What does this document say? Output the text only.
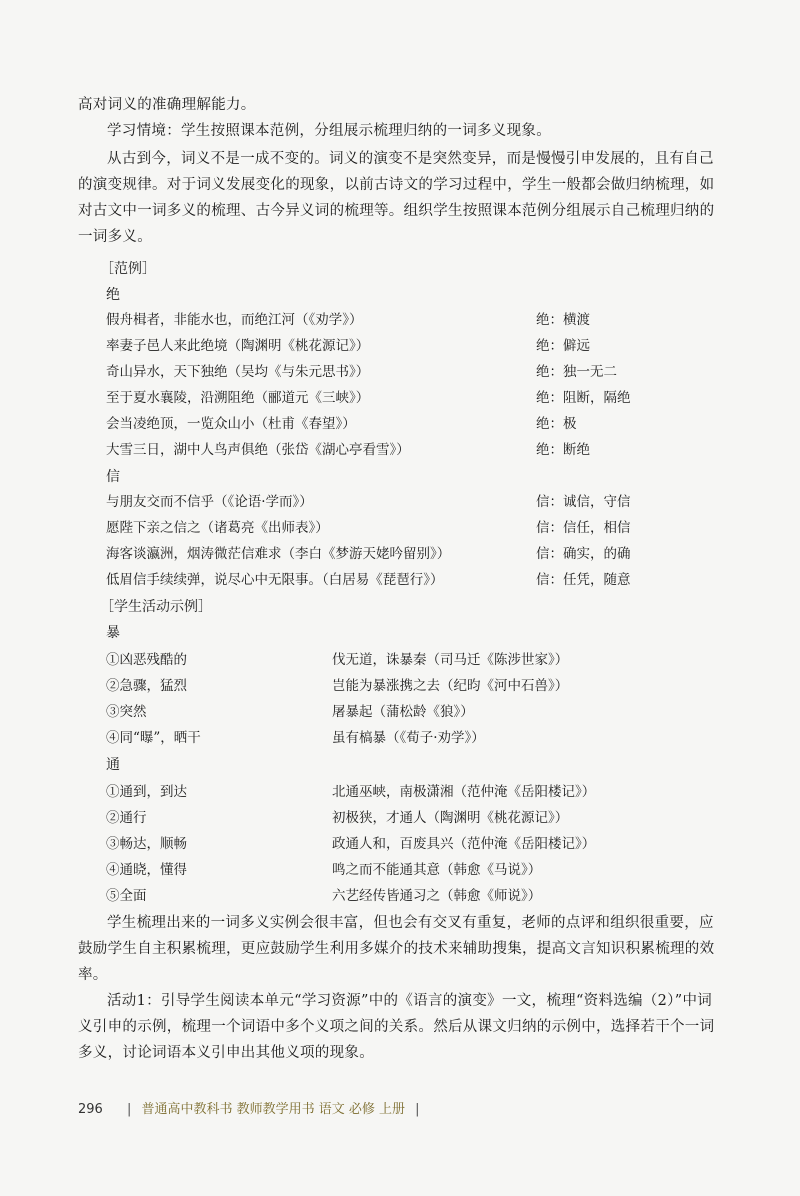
高对词义的准确理解能力。

学习情境：学生按照课本范例，分组展示梳理归纳的一词多义现象。

从古到今，词义不是一成不变的。词义的演变不是突然变异，而是慢慢引申发展的，且有自己的演变规律。对于词义发展变化的现象，以前古诗文的学习过程中，学生一般都会做归纳梳理，如对古文中一词多义的梳理、古今异义词的梳理等。组织学生按照课本范例分组展示自己梳理归纳的一词多义。

［范例］
绝
假舟楫者，非能水也，而绝江河（《劝学》）	绝：横渡
率妻子邑人来此绝境（陶渊明《桃花源记》）	绝：僻远
奇山异水，天下独绝（吴均《与朱元思书》）	绝：独一无二
至于夏水襄陵，沿溯阻绝（郦道元《三峡》）	绝：阻断，隔绝
会当凌绝顶，一览众山小（杜甫《春望》）	绝：极
大雪三日，湖中人鸟声俱绝（张岱《湖心亭看雪》）	绝：断绝
信
与朋友交而不信乎（《论语·学而》）	信：诚信，守信
愿陛下亲之信之（诸葛亮《出师表》）	信：信任，相信
海客谈瀛洲，烟涛微茫信难求（李白《梦游天姥吟留别》）	信：确实，的确
低眉信手续续弹，说尽心中无限事。（白居易《琵琶行》）	信：任凭，随意
［学生活动示例］
暴
①凶恶残酷的	伐无道，诛暴秦（司马迁《陈涉世家》）
②急骤，猛烈	岂能为暴涨携之去（纪昀《河中石兽》）
③突然	屠暴起（蒲松龄《狼》）
④同“曝”，晒干	虽有槁暴（《荀子·劝学》）
通
①通到，到达	北通巫峡，南极潇湘（范仲淹《岳阳楼记》）
②通行	初极狭，才通人（陶渊明《桃花源记》）
③畅达，顺畅	政通人和，百废具兴（范仲淹《岳阳楼记》）
④通晓，懂得	鸣之而不能通其意（韩愈《马说》）
⑤全面	六艺经传皆通习之（韩愈《师说》）

学生梳理出来的一词多义实例会很丰富，但也会有交叉有重复，老师的点评和组织很重要，应鼓励学生自主积累梳理，更应鼓励学生利用多媒介的技术来辅助搜集，提高文言知识积累梳理的效率。

活动1：引导学生阅读本单元“学习资源”中的《语言的演变》一文，梳理“资料选编（2）”中词义引申的示例，梳理一个词语中多个义项之间的关系。然后从课文归纳的示例中，选择若干个一词多义，讨论词语本义引申出其他义项的现象。

296 | 普通高中教科书 教师教学用书 语文 必修 上册 |
